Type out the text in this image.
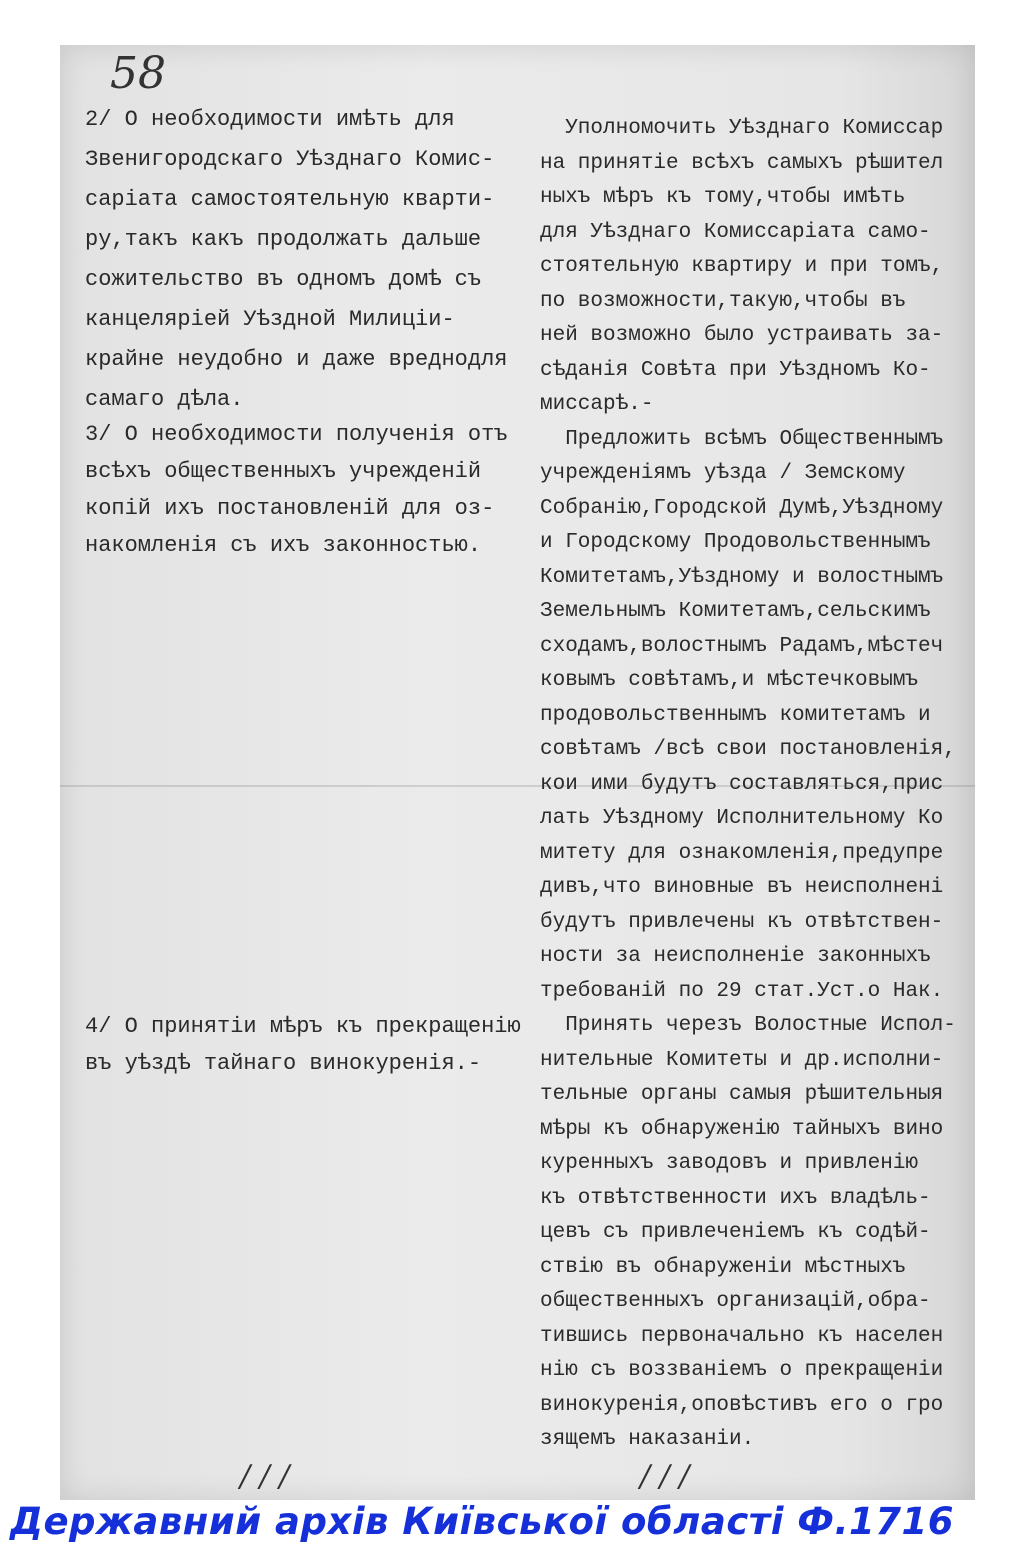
58
2/ О необходимости имѣть для
Звенигородскаго Уѣзднаго Комис-
саріата самостоятельную кварти-
ру,такъ какъ продолжать дальше
сожительство въ одномъ домѣ съ
канцеляріей Уѣздной Милиціи-
крайне неудобно и даже вреднодля
самаго дѣла.
3/ О необходимости полученія отъ
всѣхъ общественныхъ учрежденій
копій ихъ постановленій для оз-
накомленія съ ихъ законностью.
4/ О принятіи мѣръ къ прекращенію
въ уѣздѣ тайнаго винокуренія.-
Уполномочить Уѣзднаго Комиссар
на принятіе всѣхъ самыхъ рѣшител
ныхъ мѣръ къ тому,чтобы имѣть
для Уѣзднаго Комиссаріата само-
стоятельную квартиру и при томъ,
по возможности,такую,чтобы въ
ней возможно было устраивать за-
сѣданія Совѣта при Уѣздномъ Ко-
миссарѣ.-
Предложить всѣмъ Общественнымъ
учрежденіямъ уѣзда / Земскому
Собранію,Городской Думѣ,Уѣздному
и Городскому Продовольственнымъ
Комитетамъ,Уѣздному и волостнымъ
Земельнымъ Комитетамъ,сельскимъ
сходамъ,волостнымъ Радамъ,мѣстеч
ковымъ совѣтамъ,и мѣстечковымъ
продовольственнымъ комитетамъ и
совѣтамъ /всѣ свои постановленія,
кои ими будутъ составляться,прис
лать Уѣздному Исполнительному Ко
митету для ознакомленія,предупре
дивъ,что виновные въ неисполнені
будутъ привлечены къ отвѣтствен-
ности за неисполненіе законныхъ
требованій по 29 стат.Уст.о Нак.
Принять черезъ Волостные Испол-
нительные Комитеты и др.исполни-
тельные органы самыя рѣшительныя
мѣры къ обнаруженію тайныхъ вино
куренныхъ заводовъ и привленію
къ отвѣтственности ихъ владѣль-
цевъ съ привлеченіемъ къ содѣй-
ствію въ обнаруженіи мѣстныхъ
общественныхъ организацій,обра-
тившись первоначально къ населен
нію съ воззваніемъ о прекращеніи
винокуренія,оповѣстивъ его о гро
зящемъ наказаніи.
/ / /	/ / /
Державний архів Київської області Ф.1716
